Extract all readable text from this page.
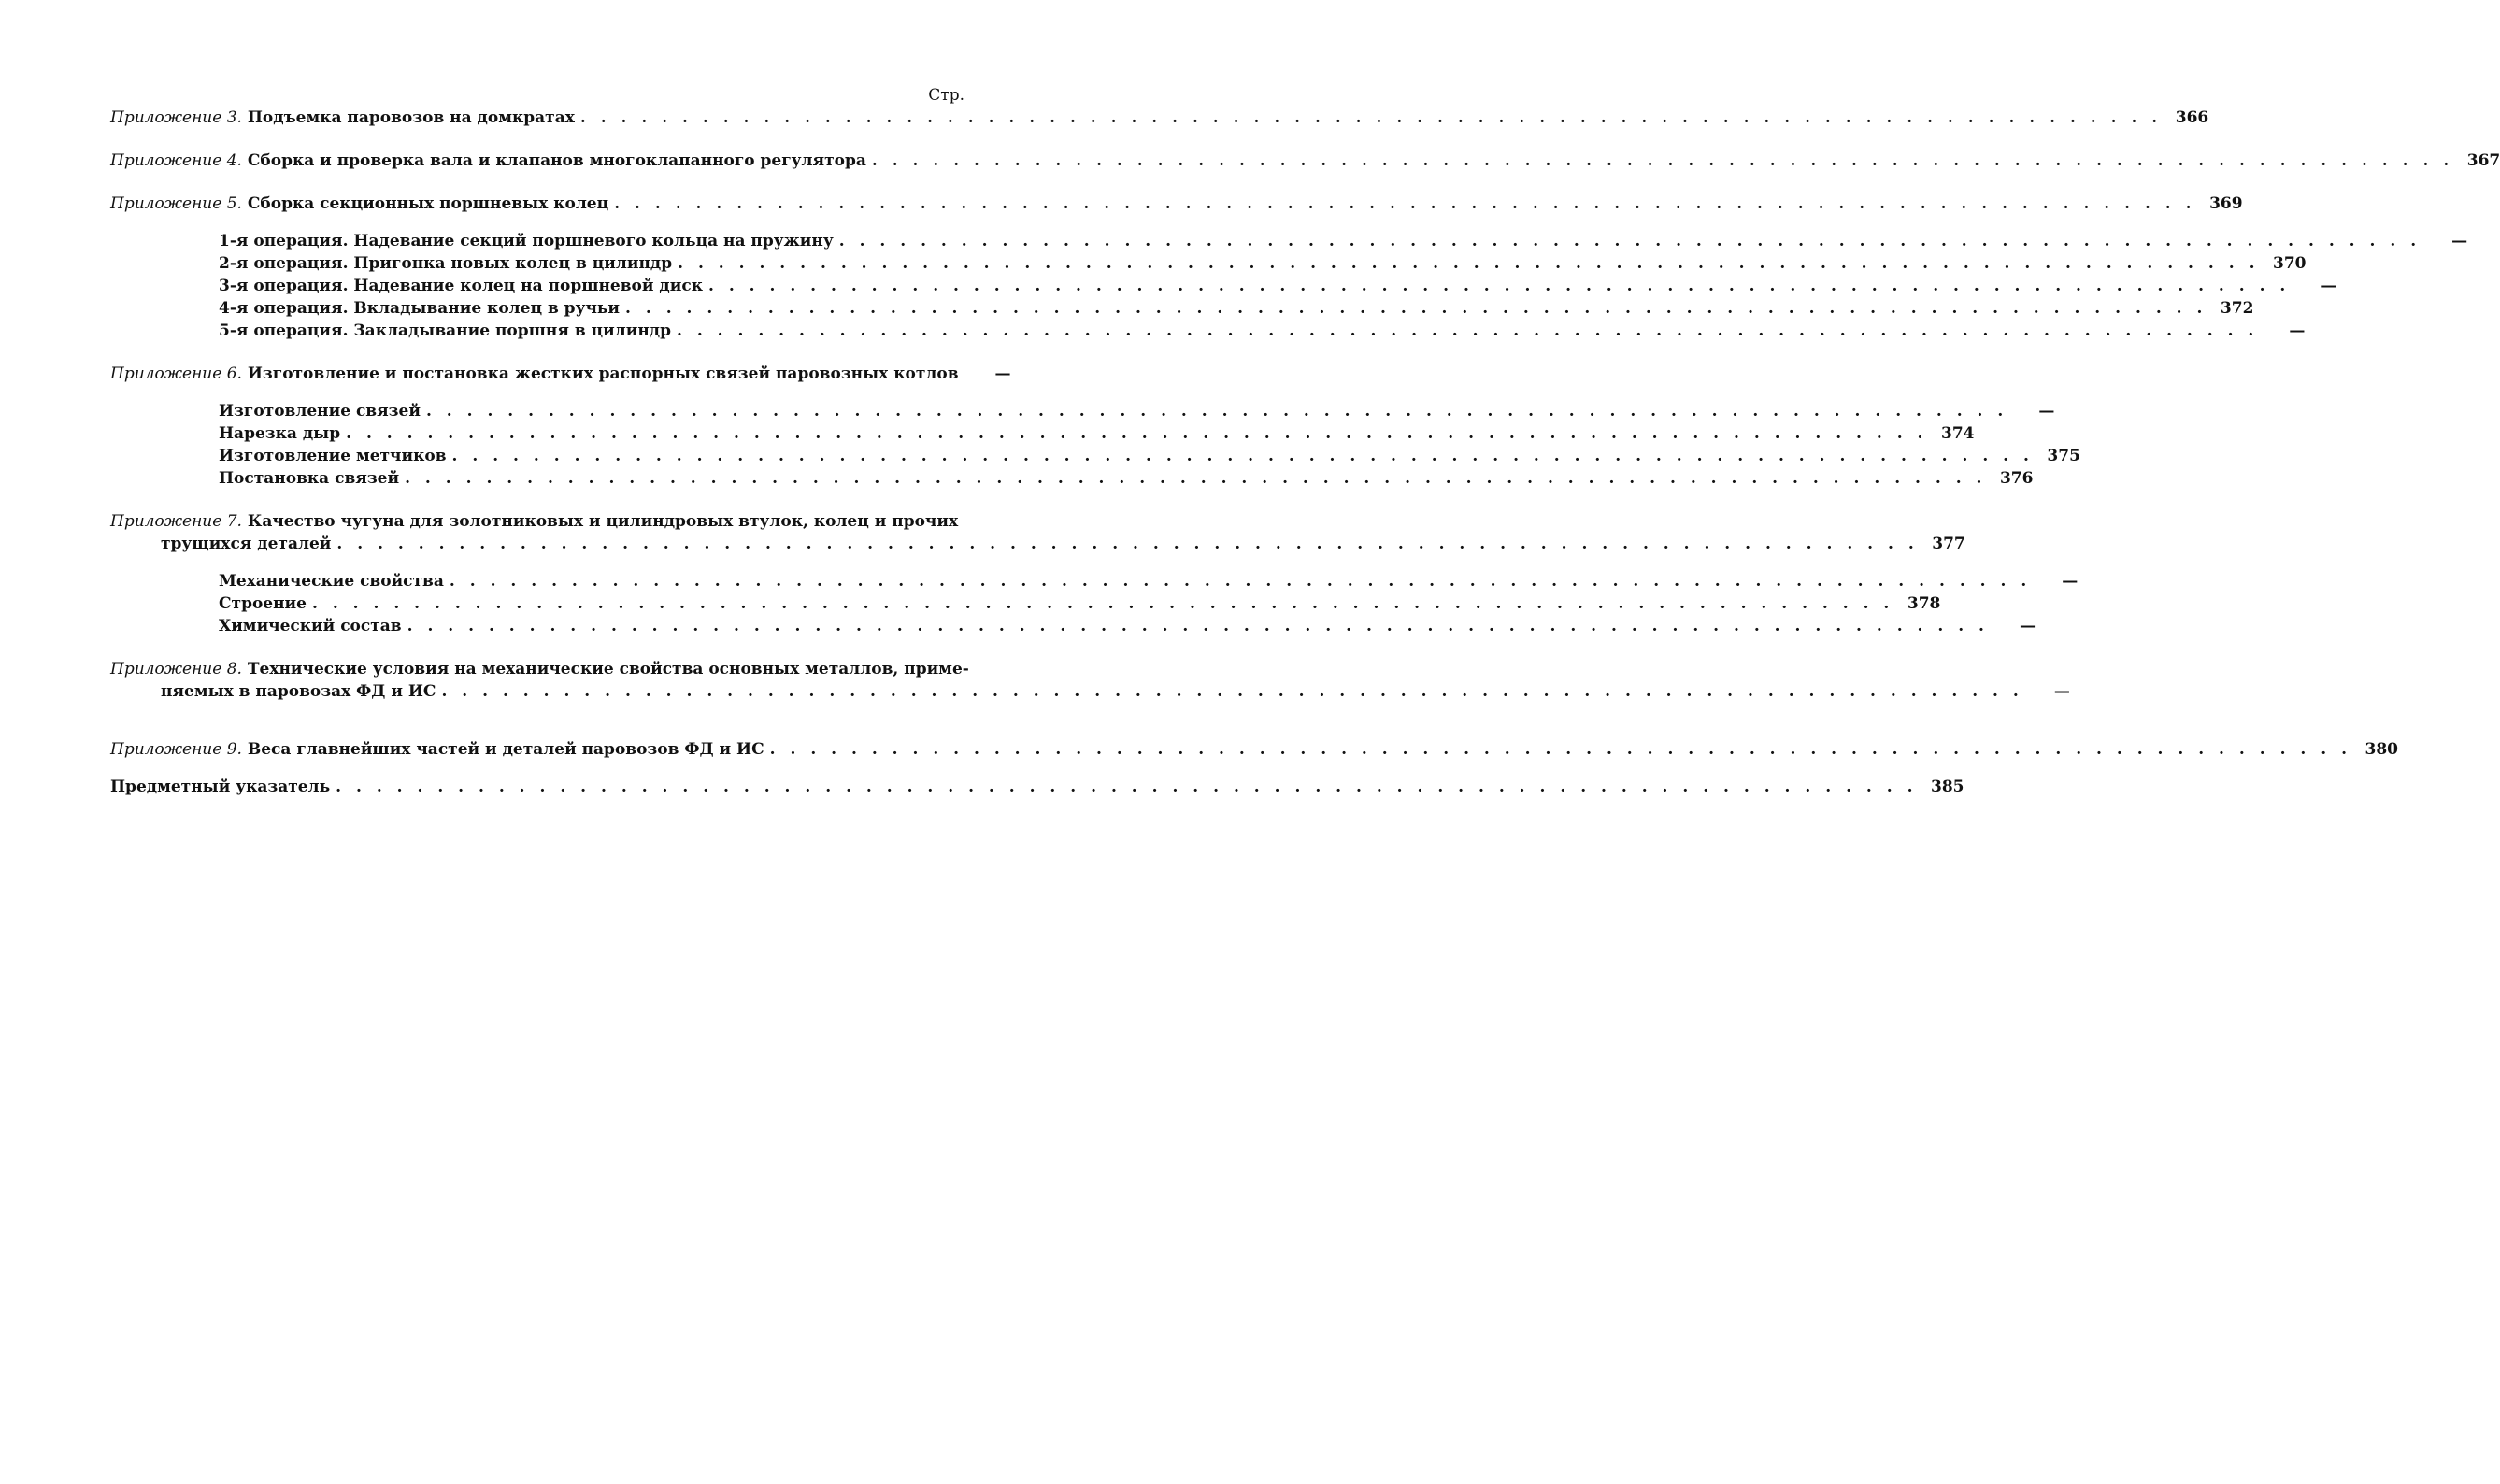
Стр.
Приложение 3. Подъемка паровозов на домкратах . . . . . . . . . . . . . . . . . . . . . . . . . . . . . . . . . . . . . . . . . . . . . . . . . . . . . . . . . . . . . . . . . . . . . . . . . . . . . . 366
Приложение 4. Сборка и проверка вала и клапанов многоклапанного регулятора . . . . . . . . . . . . . . . . . . . . . . . . . . . . . . . . . . . . . . . . . . . . . . . . . . . . . . . . . . . . . . . . . . . . . . . . . . . . . . 367
Приложение 5. Сборка секционных поршневых колец . . . . . . . . . . . . . . . . . . . . . . . . . . . . . . . . . . . . . . . . . . . . . . . . . . . . . . . . . . . . . . . . . . . . . . . . . . . . . . 369
1-я операция. Надевание секций поршневого кольца на пружину . . . . . . . . . . . . . . . . . . . . . . . . . . . . . . . . . . . . . . . . . . . . . . . . . . . . . . . . . . . . . . . . . . . . . . . . . . . . . .	—
2-я операция. Пригонка новых колец в цилиндр . . . . . . . . . . . . . . . . . . . . . . . . . . . . . . . . . . . . . . . . . . . . . . . . . . . . . . . . . . . . . . . . . . . . . . . . . . . . . . 370
3-я операция. Надевание колец на поршневой диск . . . . . . . . . . . . . . . . . . . . . . . . . . . . . . . . . . . . . . . . . . . . . . . . . . . . . . . . . . . . . . . . . . . . . . . . . . . . . .	—
4-я операция. Вкладывание колец в ручьи . . . . . . . . . . . . . . . . . . . . . . . . . . . . . . . . . . . . . . . . . . . . . . . . . . . . . . . . . . . . . . . . . . . . . . . . . . . . . . 372
5-я операция. Закладывание поршня в цилиндр . . . . . . . . . . . . . . . . . . . . . . . . . . . . . . . . . . . . . . . . . . . . . . . . . . . . . . . . . . . . . . . . . . . . . . . . . . . . . .	—
Приложение 6. Изготовление и постановка жестких распорных связей паровозных котлов	—
Изготовление связей . . . . . . . . . . . . . . . . . . . . . . . . . . . . . . . . . . . . . . . . . . . . . . . . . . . . . . . . . . . . . . . . . . . . . . . . . . . . . .	—
Нарезка дыр . . . . . . . . . . . . . . . . . . . . . . . . . . . . . . . . . . . . . . . . . . . . . . . . . . . . . . . . . . . . . . . . . . . . . . . . . . . . . . 374
Изготовление метчиков . . . . . . . . . . . . . . . . . . . . . . . . . . . . . . . . . . . . . . . . . . . . . . . . . . . . . . . . . . . . . . . . . . . . . . . . . . . . . . 375
Постановка связей . . . . . . . . . . . . . . . . . . . . . . . . . . . . . . . . . . . . . . . . . . . . . . . . . . . . . . . . . . . . . . . . . . . . . . . . . . . . . . 376
Приложение 7. Качество чугуна для золотниковых и цилиндровых втулок, колец и прочих
трущихся деталей . . . . . . . . . . . . . . . . . . . . . . . . . . . . . . . . . . . . . . . . . . . . . . . . . . . . . . . . . . . . . . . . . . . . . . . . . . . . . . 377
Механические свойства . . . . . . . . . . . . . . . . . . . . . . . . . . . . . . . . . . . . . . . . . . . . . . . . . . . . . . . . . . . . . . . . . . . . . . . . . . . . . .	—
Строение . . . . . . . . . . . . . . . . . . . . . . . . . . . . . . . . . . . . . . . . . . . . . . . . . . . . . . . . . . . . . . . . . . . . . . . . . . . . . . 378
Химический состав . . . . . . . . . . . . . . . . . . . . . . . . . . . . . . . . . . . . . . . . . . . . . . . . . . . . . . . . . . . . . . . . . . . . . . . . . . . . . .	—
Приложение 8. Технические условия на механические свойства основных металлов, приме-
няемых в паровозах ФД и ИС . . . . . . . . . . . . . . . . . . . . . . . . . . . . . . . . . . . . . . . . . . . . . . . . . . . . . . . . . . . . . . . . . . . . . . . . . . . . . .	—
Приложение 9. Веса главнейших частей и деталей паровозов ФД и ИС . . . . . . . . . . . . . . . . . . . . . . . . . . . . . . . . . . . . . . . . . . . . . . . . . . . . . . . . . . . . . . . . . . . . . . . . . . . . . . 380
Предметный указатель . . . . . . . . . . . . . . . . . . . . . . . . . . . . . . . . . . . . . . . . . . . . . . . . . . . . . . . . . . . . . . . . . . . . . . . . . . . . . . 385
